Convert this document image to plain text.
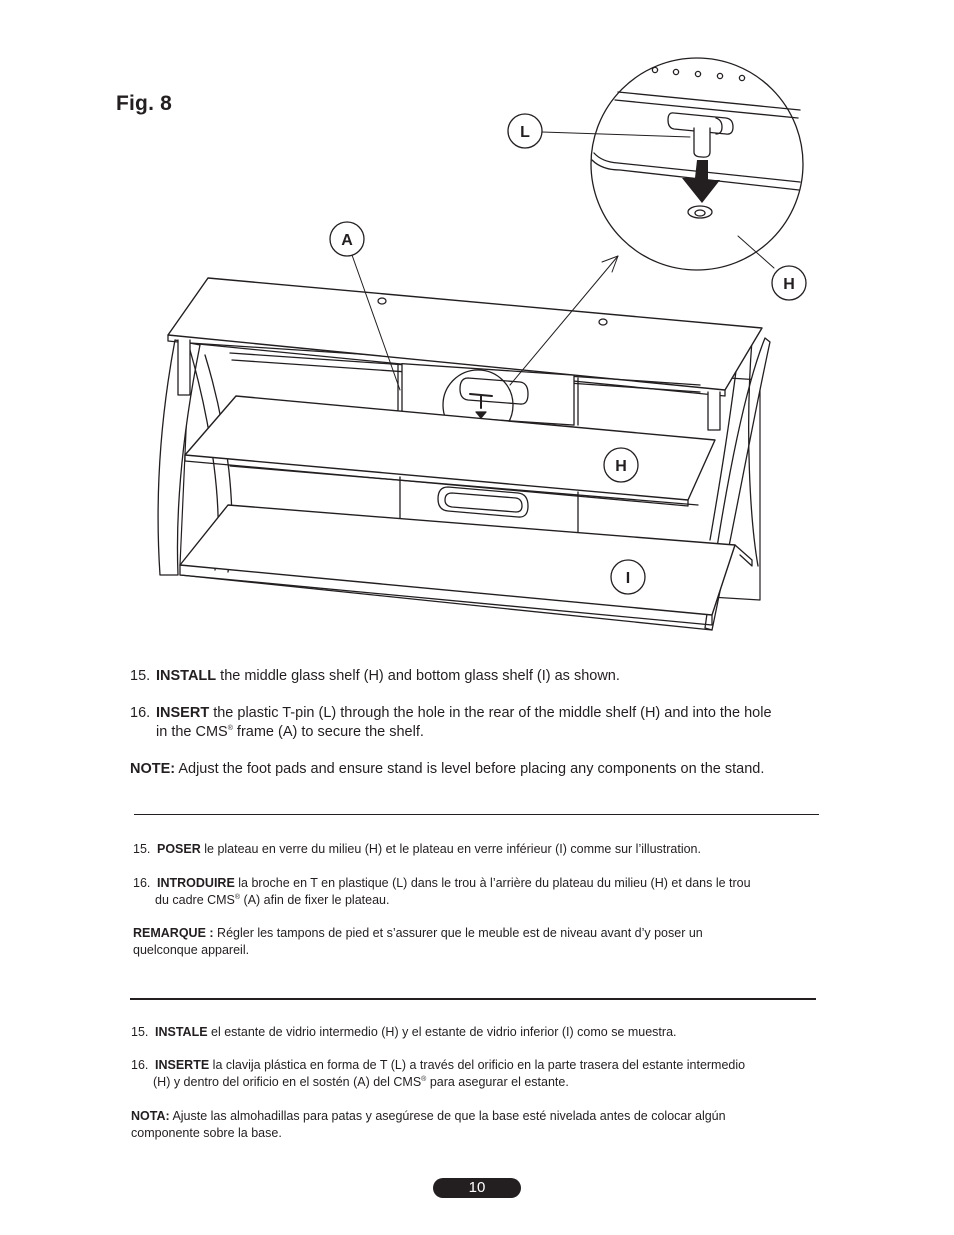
Fig. 8
L
A
H
H
I
15. INSTALL the middle glass shelf (H) and bottom glass shelf (I) as shown.
16. INSERT the plastic T-pin (L) through the hole in the rear of the middle shelf (H) and into the hole
in the CMS® frame (A) to secure the shelf.
NOTE: Adjust the foot pads and ensure stand is level before placing any components on the stand.
15. POSER le plateau en verre du milieu (H) et le plateau en verre inférieur (I) comme sur l’illustration.
16. INTRODUIRE la broche en T en plastique (L) dans le trou à l’arrière du plateau du milieu (H) et dans le trou
du cadre CMS® (A) afin de fixer le plateau.
REMARQUE : Régler les tampons de pied et s’assurer que le meuble est de niveau avant d’y poser un
quelconque appareil.
15. INSTALE el estante de vidrio intermedio (H) y el estante de vidrio inferior (I) como se muestra.
16. INSERTE la clavija plástica en forma de T (L) a través del orificio en la parte trasera del estante intermedio
(H) y dentro del orificio en el sostén (A) del CMS® para asegurar el estante.
NOTA: Ajuste las almohadillas para patas y asegúrese de que la base esté nivelada antes de colocar algún
componente sobre la base.
10
